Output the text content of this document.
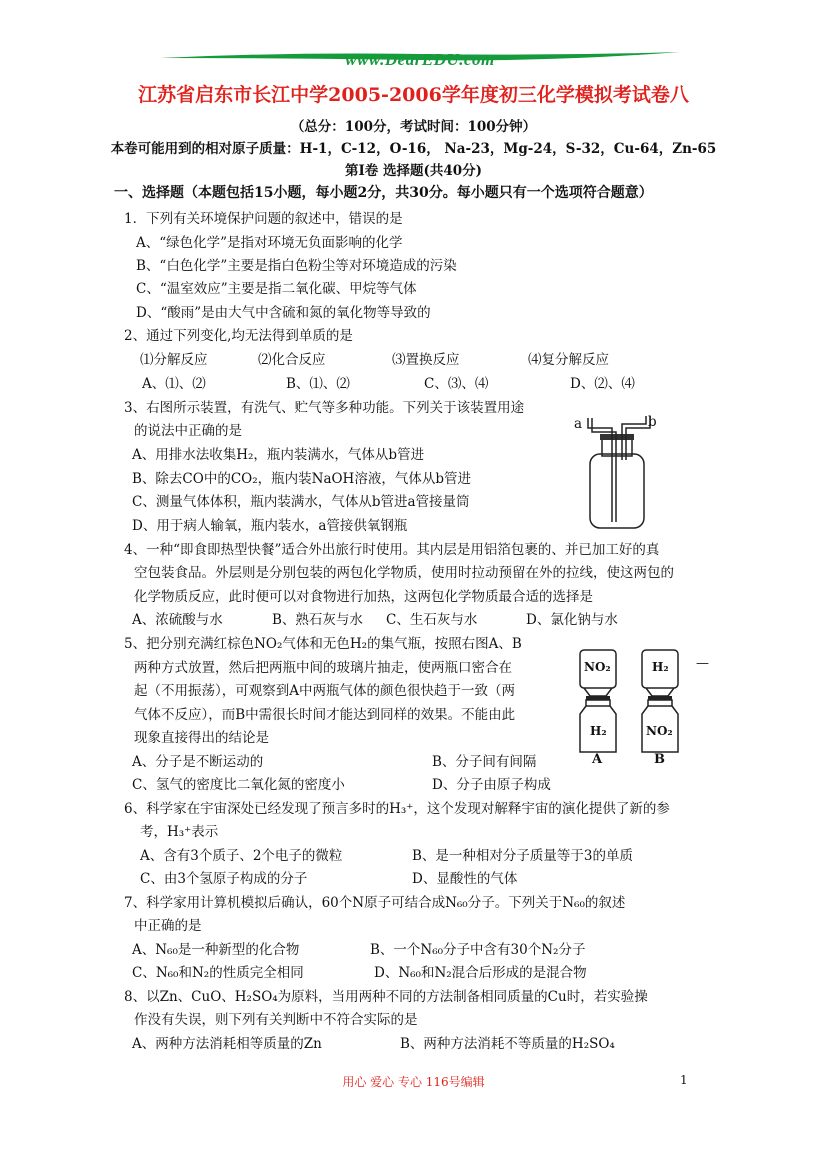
www.DearEDU.com
江苏省启东市长江中学2005-2006学年度初三化学模拟考试卷八
（总分：100分，考试时间：100分钟）
本卷可能用到的相对原子质量：H-1，C-12，O-16， Na-23，Mg-24，S-32，Cu-64，Zn-65
第Ⅰ卷 选择题(共40分)
一、选择题（本题包括15小题，每小题2分，共30分。每小题只有一个选项符合题意）
1．下列有关环境保护问题的叙述中，错误的是
A、“绿色化学”是指对环境无负面影响的化学
B、“白色化学”主要是指白色粉尘等对环境造成的污染
C、“温室效应”主要是指二氧化碳、甲烷等气体
D、“酸雨”是由大气中含硫和氮的氧化物等导致的
2、通过下列变化,均无法得到单质的是
⑴分解反应	⑵化合反应	⑶置换反应	⑷复分解反应
A、⑴、⑵	B、⑴、⑵	C、⑶、⑷	D、⑵、⑷
3、右图所示装置，有洗气、贮气等多种功能。下列关于该装置用途
的说法中正确的是
A、用排水法收集H₂，瓶内装满水，气体从b管进
B、除去CO中的CO₂，瓶内装NaOH溶液，气体从b管进
C、测量气体体积，瓶内装满水，气体从b管进a管接量筒
D、用于病人输氧，瓶内装水，a管接供氧钢瓶
a	b
4、一种“即食即热型快餐”适合外出旅行时使用。其内层是用铝箔包裹的、并已加工好的真
空包装食品。外层则是分别包装的两包化学物质，使用时拉动预留在外的拉线，使这两包的
化学物质反应，此时便可以对食物进行加热，这两包化学物质最合适的选择是
A、浓硫酸与水	B、熟石灰与水 C、生石灰与水	D、氯化钠与水
5、把分别充满红棕色NO₂气体和无色H₂的集气瓶，按照右图A、B
两种方式放置，然后把两瓶中间的玻璃片抽走，使两瓶口密合在
起（不用振荡），可观察到A中两瓶气体的颜色很快趋于一致（两
气体不反应），而B中需很长时间才能达到同样的效果。不能由此
现象直接得出的结论是
A、分子是不断运动的	B、分子间有间隔
C、氢气的密度比二氧化氮的密度小	D、分子由原子构成
NO₂
H₂
H₂
NO₂
A	B
—
6、科学家在宇宙深处已经发现了预言多时的H₃⁺，这个发现对解释宇宙的演化提供了新的参
考，H₃⁺表示
A、含有3个质子、2个电子的微粒	B、是一种相对分子质量等于3的单质
C、由3个氢原子构成的分子	D、显酸性的气体
7、科学家用计算机模拟后确认，60个N原子可结合成N₆₀分子。下列关于N₆₀的叙述
中正确的是
A、N₆₀是一种新型的化合物	B、一个N₆₀分子中含有30个N₂分子
C、N₆₀和N₂的性质完全相同	D、N₆₀和N₂混合后形成的是混合物
8、以Zn、CuO、H₂SO₄为原料，当用两种不同的方法制备相同质量的Cu时，若实验操
作没有失误，则下列有关判断中不符合实际的是
A、两种方法消耗相等质量的Zn	B、两种方法消耗不等质量的H₂SO₄
用心 爱心 专心 116号编辑	1
